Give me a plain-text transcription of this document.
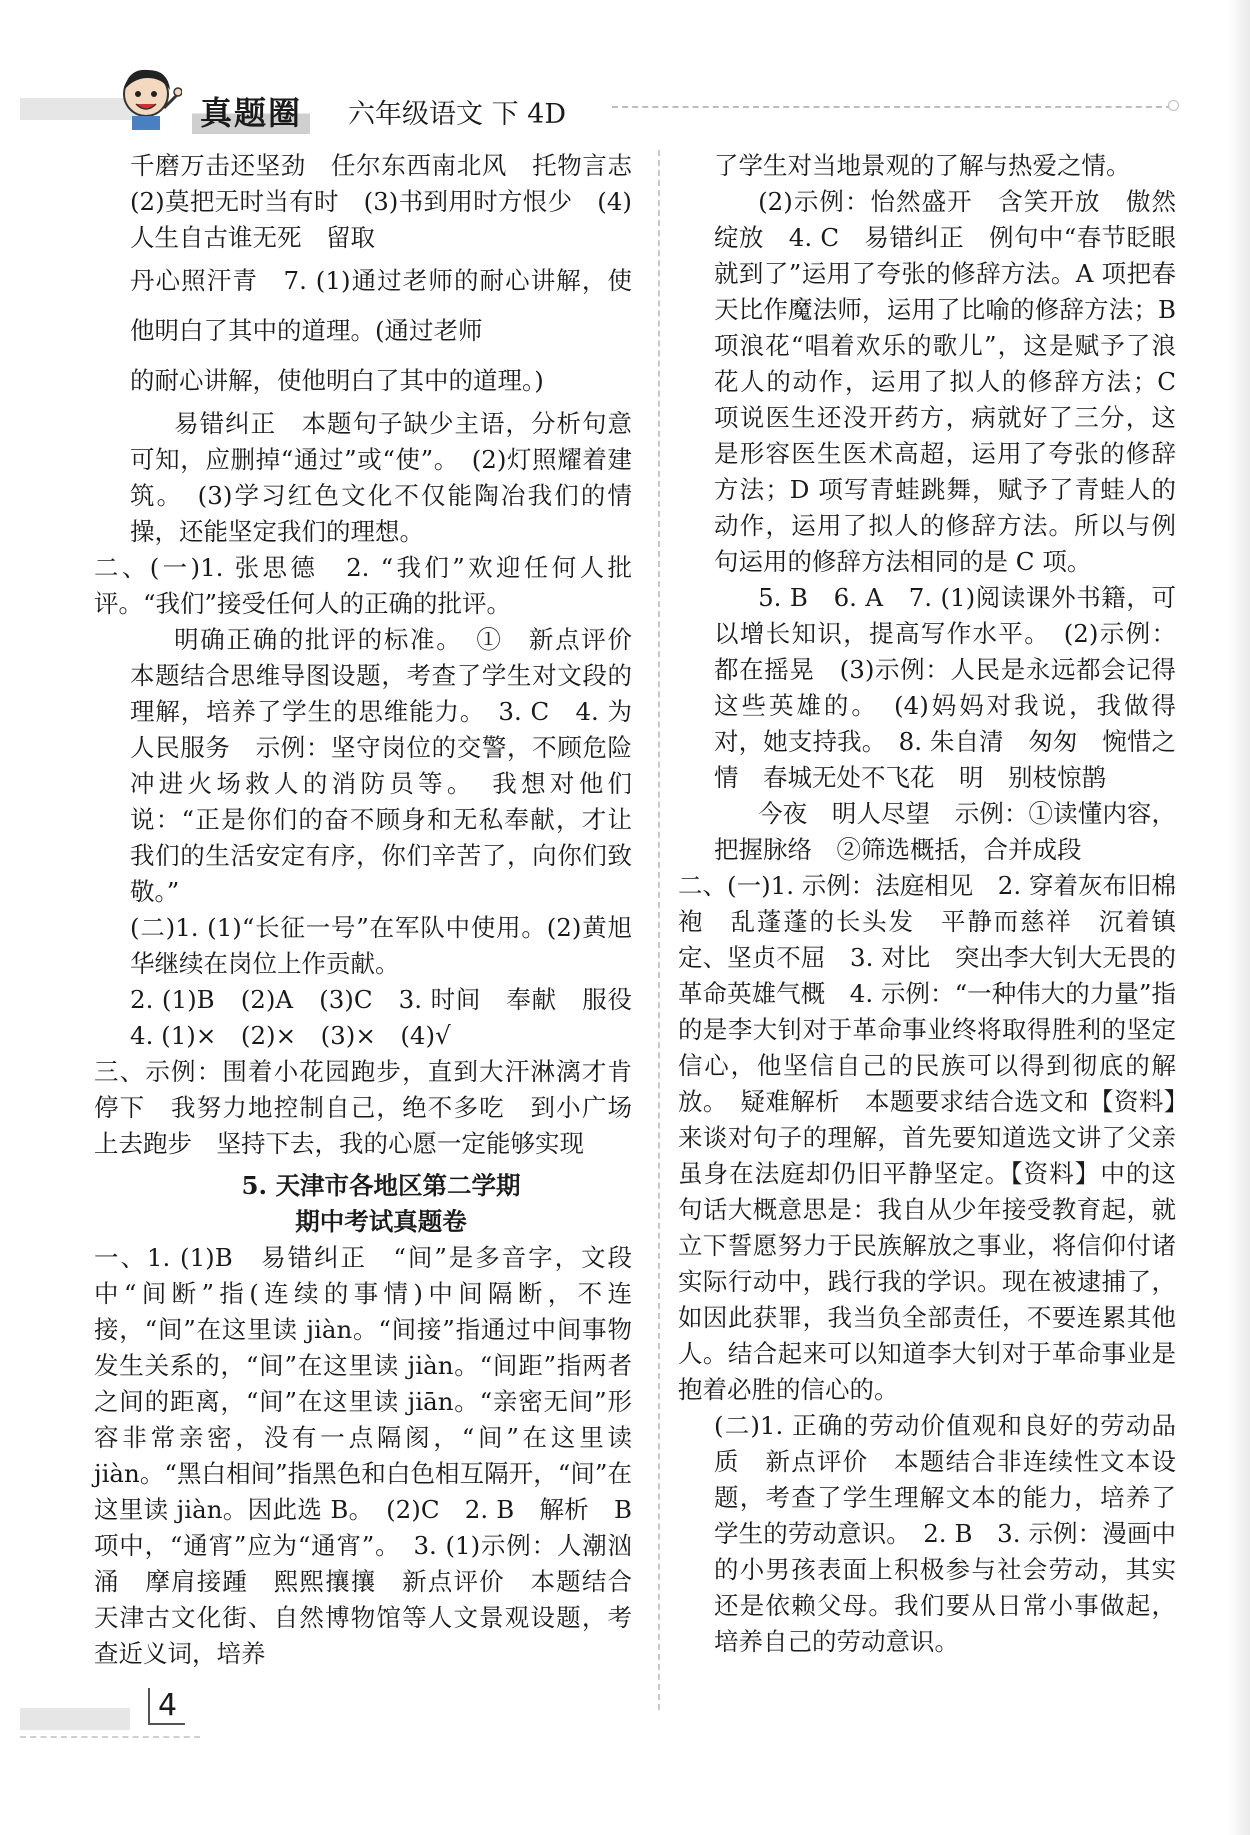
真题圈 六年级语文 下 4D

千磨万击还坚劲　任尔东西南北风　托物言志　(2)莫把无时当有时　(3)书到用时方恨少　(4)人生自古谁无死　留取

丹心照汗青　7. (1)通过老师的耐心讲解，使他明白了其中的道理。(通过老师

的耐心讲解，使他明白了其中的道理。)

易错纠正　本题句子缺少主语，分析句意可知，应删掉“通过”或“使”。　(2)灯照耀着建筑。　(3)学习红色文化不仅能陶冶我们的情操，还能坚定我们的理想。

二、(一)1. 张思德　2. “我们”欢迎任何人批评。“我们”接受任何人的正确的批评。

明确正确的批评的标准。　①　新点评价　本题结合思维导图设题，考查了学生对文段的理解，培养了学生的思维能力。　3. C　4. 为人民服务　示例：坚守岗位的交警，不顾危险冲进火场救人的消防员等。　我想对他们说：“正是你们的奋不顾身和无私奉献，才让我们的生活安定有序，你们辛苦了，向你们致敬。”

(二)1. (1)“长征一号”在军队中使用。(2)黄旭华继续在岗位上作贡献。

2. (1)B　(2)A　(3)C　3. 时间　奉献　服役　4. (1)×　(2)×　(3)×　(4)√

三、示例：围着小花园跑步，直到大汗淋漓才肯停下　我努力地控制自己，绝不多吃　到小广场上去跑步　坚持下去，我的心愿一定能够实现

5. 天津市各地区第二学期
期中考试真题卷

一、1. (1)B　易错纠正　“间”是多音字，文段中“间断”指(连续的事情)中间隔断，不连接，“间”在这里读 jiàn。“间接”指通过中间事物发生关系的，“间”在这里读 jiàn。“间距”指两者之间的距离，“间”在这里读 jiān。“亲密无间”形容非常亲密，没有一点隔阂，“间”在这里读 jiàn。“黑白相间”指黑色和白色相互隔开，“间”在这里读 jiàn。因此选 B。　(2)C　2. B　解析　B 项中，“通宵”应为“通宵”。　3. (1)示例：人潮汹涌　摩肩接踵　熙熙攘攘　新点评价　本题结合天津古文化街、自然博物馆等人文景观设题，考查近义词，培养

了学生对当地景观的了解与热爱之情。

(2)示例：怡然盛开　含笑开放　傲然绽放　4. C　易错纠正　例句中“春节眨眼就到了”运用了夸张的修辞方法。A 项把春天比作魔法师，运用了比喻的修辞方法；B 项浪花“唱着欢乐的歌儿”，这是赋予了浪花人的动作，运用了拟人的修辞方法；C 项说医生还没开药方，病就好了三分，这是形容医生医术高超，运用了夸张的修辞方法；D 项写青蛙跳舞，赋予了青蛙人的动作，运用了拟人的修辞方法。所以与例句运用的修辞方法相同的是 C 项。

5. B　6. A　7. (1)阅读课外书籍，可以增长知识，提高写作水平。　(2)示例：都在摇晃　(3)示例：人民是永远都会记得这些英雄的。　(4)妈妈对我说，我做得对，她支持我。　8. 朱自清　匆匆　惋惜之情　春城无处不飞花　明　别枝惊鹊

今夜　明人尽望　示例：①读懂内容，把握脉络　②筛选概括，合并成段

二、(一)1. 示例：法庭相见　2. 穿着灰布旧棉袍　乱蓬蓬的长头发　平静而慈祥　沉着镇定、坚贞不屈　3. 对比　突出李大钊大无畏的革命英雄气概　4. 示例：“一种伟大的力量”指的是李大钊对于革命事业终将取得胜利的坚定信心，他坚信自己的民族可以得到彻底的解放。　疑难解析　本题要求结合选文和【资料】来谈对句子的理解，首先要知道选文讲了父亲虽身在法庭却仍旧平静坚定。【资料】中的这句话大概意思是：我自从少年接受教育起，就立下誓愿努力于民族解放之事业，将信仰付诸实际行动中，践行我的学识。现在被逮捕了，如因此获罪，我当负全部责任，不要连累其他人。结合起来可以知道李大钊对于革命事业是抱着必胜的信心的。

(二)1. 正确的劳动价值观和良好的劳动品质　新点评价　本题结合非连续性文本设题，考查了学生理解文本的能力，培养了学生的劳动意识。　2. B　3. 示例：漫画中的小男孩表面上积极参与社会劳动，其实还是依赖父母。我们要从日常小事做起，培养自己的劳动意识。

4
